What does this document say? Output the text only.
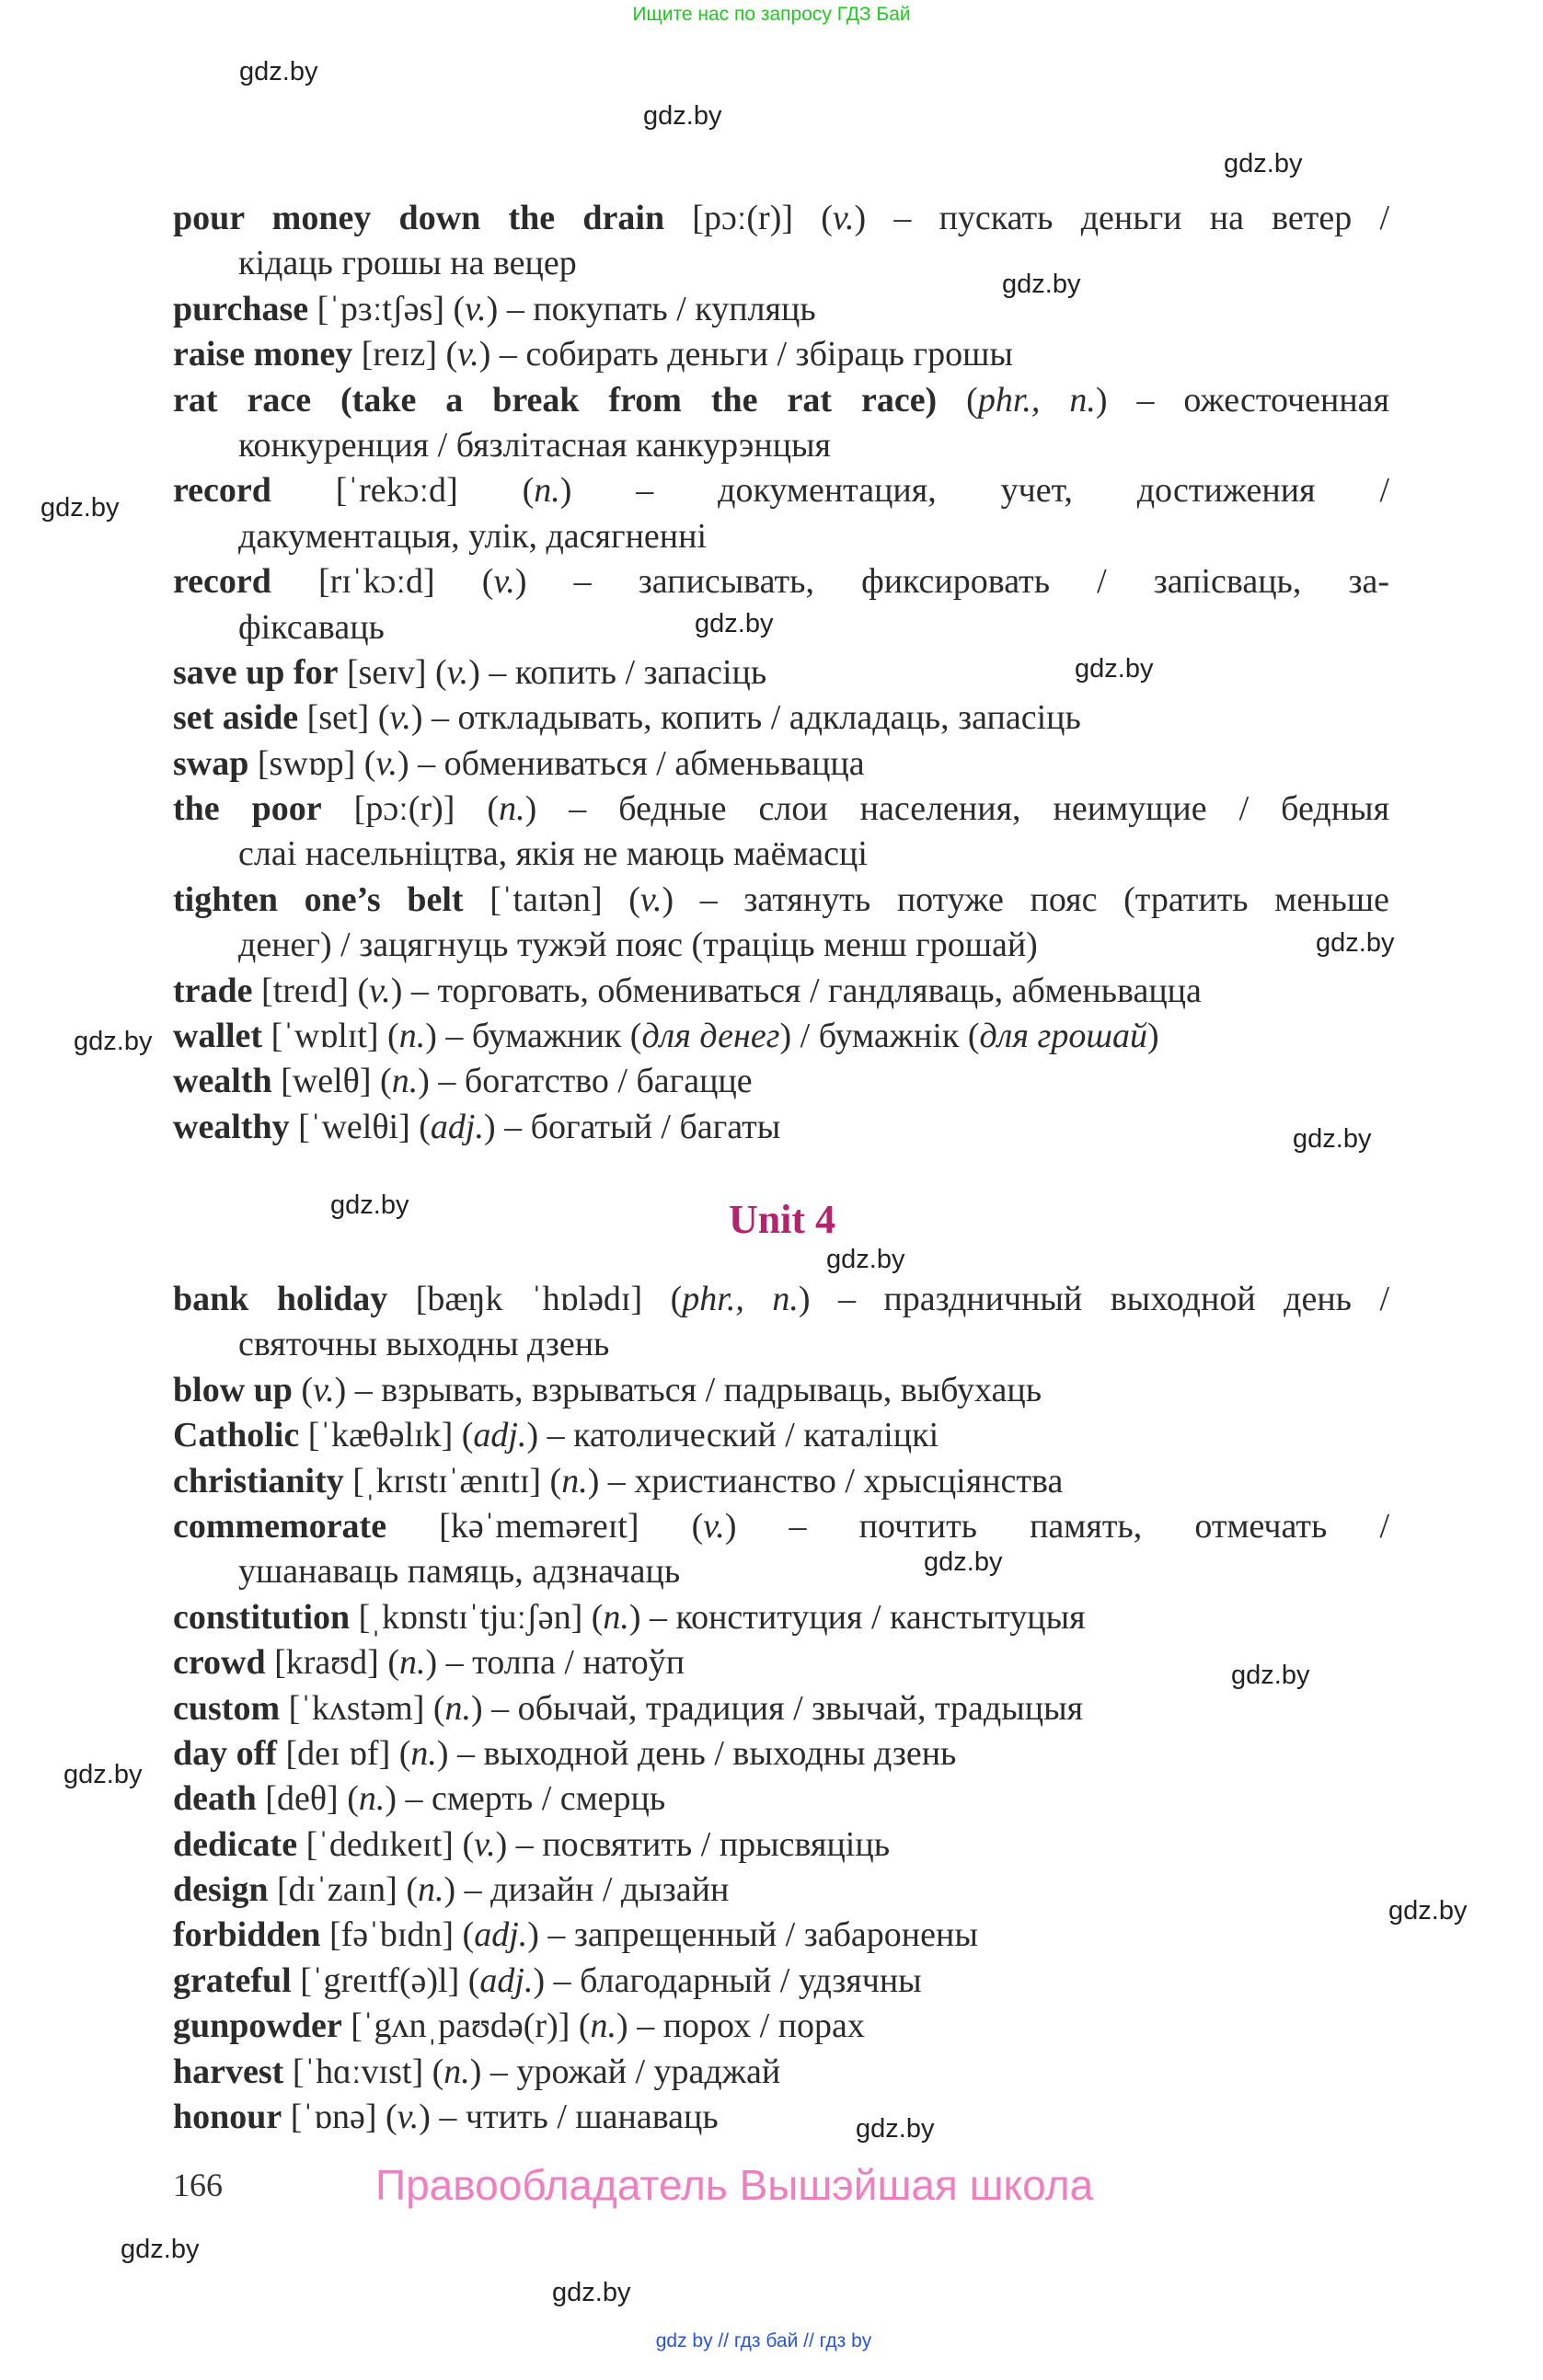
Ищите нас по запросу ГДЗ Бай
gdz.by
gdz.by
gdz.by
gdz.by
gdz.by
gdz.by
gdz.by
gdz.by
gdz.by
gdz.by
gdz.by
gdz.by
gdz.by
gdz.by
gdz.by
gdz.by
gdz.by
gdz.by
gdz.by
pour money down the drain [pɔː(r)] (v.) – пускать деньги на ветер /
кідаць грошы на вецер
purchase [ˈpɜːtʃəs] (v.) – покупать / купляць
raise money [reɪz] (v.) – собирать деньги / збіраць грошы
rat race (take a break from the rat race) (phr., n.) – ожесточенная
конкуренция / бязлітасная канкурэнцыя
record [ˈrekɔːd] (n.) – документация, учет, достижения /
дакументацыя, улік, дасягненні
record [rɪˈkɔːd] (v.) – записывать, фиксировать / запісваць, за-
фіксаваць
save up for [seɪv] (v.) – копить / запасіць
set aside [set] (v.) – откладывать, копить / адкладаць, запасіць
swap [swɒp] (v.) – обмениваться / абменьвацца
the poor [pɔː(r)] (n.) – бедные слои населения, неимущие / бедныя
слаі насельніцтва, якія не маюць маёмасці
tighten one’s belt [ˈtaɪtən] (v.) – затянуть потуже пояс (тратить меньше
денег) / зацягнуць тужэй пояс (траціць менш грошай)
trade [treɪd] (v.) – торговать, обмениваться / гандляваць, абменьвацца
wallet [ˈwɒlɪt] (n.) – бумажник (для денег) / бумажнік (для грошай)
wealth [welθ] (n.) – богатство / багацце
wealthy [ˈwelθi] (adj.) – богатый / багаты
Unit 4
bank holiday [bæŋk ˈhɒlədɪ] (phr., n.) – праздничный выходной день /
святочны выходны дзень
blow up (v.) – взрывать, взрываться / падрываць, выбухаць
Catholic [ˈkæθəlɪk] (adj.) – католический / каталіцкі
christianity [ˌkrɪstɪˈænɪtɪ] (n.) – христианство / хрысціянства
commemorate [kəˈmeməreɪt] (v.) – почтить память, отмечать /
ушанаваць памяць, адзначаць
constitution [ˌkɒnstɪˈtjuːʃən] (n.) – конституция / канстытуцыя
crowd [kraʊd] (n.) – толпа / натоўп
custom [ˈkʌstəm] (n.) – обычай, традиция / звычай, традыцыя
day off [deɪ ɒf] (n.) – выходной день / выходны дзень
death [deθ] (n.) – смерть / смерць
dedicate [ˈdedɪkeɪt] (v.) – посвятить / прысвяціць
design [dɪˈzaɪn] (n.) – дизайн / дызайн
forbidden [fəˈbɪdn] (adj.) – запрещенный / забаронены
grateful [ˈgreɪtf(ə)l] (adj.) – благодарный / удзячны
gunpowder [ˈgʌnˌpaʊdə(r)] (n.) – порох / порах
harvest [ˈhɑːvɪst] (n.) – урожай / ураджай
honour [ˈɒnə] (v.) – чтить / шанаваць
166	Правообладатель Вышэйшая школа
gdz by // гдз бай // гдз by
